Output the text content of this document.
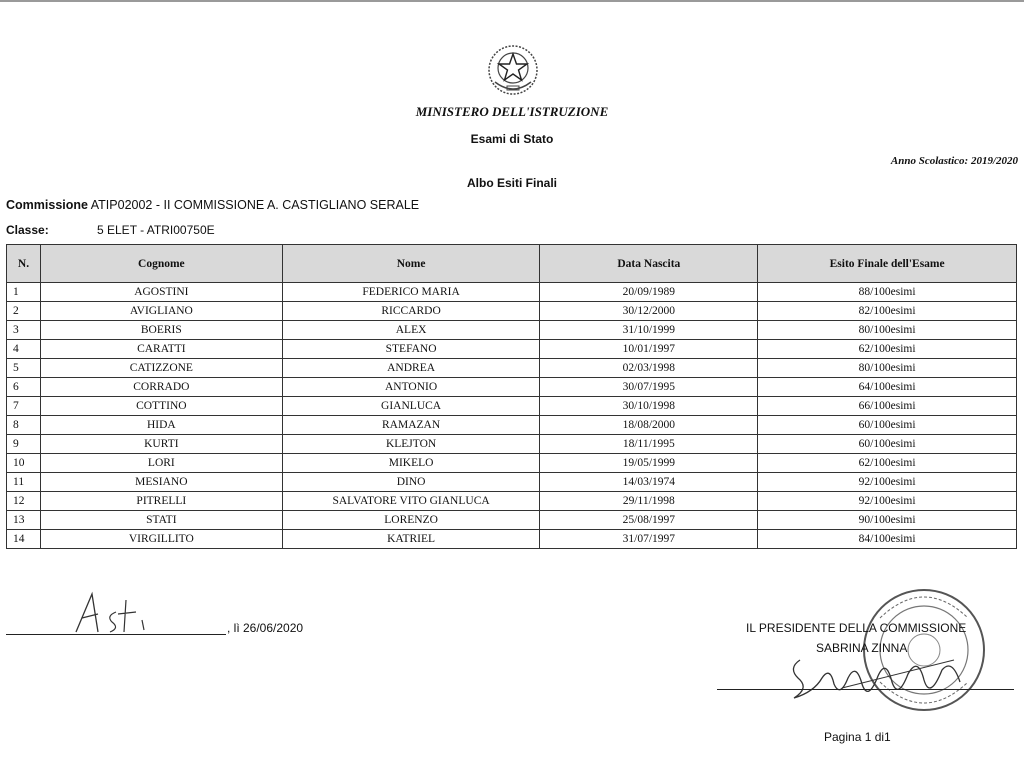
MINISTERO DELL'ISTRUZIONE
Esami di Stato
Anno Scolastico: 2019/2020
Albo Esiti Finali
Commissione ATIP02002 - II COMMISSIONE A. CASTIGLIANO SERALE
Classe:	5 ELET - ATRI00750E
N.	Cognome	Nome	Data Nascita	Esito Finale dell'Esame
1	AGOSTINI	FEDERICO MARIA	20/09/1989	88/100esimi
2	AVIGLIANO	RICCARDO	30/12/2000	82/100esimi
3	BOERIS	ALEX	31/10/1999	80/100esimi
4	CARATTI	STEFANO	10/01/1997	62/100esimi
5	CATIZZONE	ANDREA	02/03/1998	80/100esimi
6	CORRADO	ANTONIO	30/07/1995	64/100esimi
7	COTTINO	GIANLUCA	30/10/1998	66/100esimi
8	HIDA	RAMAZAN	18/08/2000	60/100esimi
9	KURTI	KLEJTON	18/11/1995	60/100esimi
10	LORI	MIKELO	19/05/1999	62/100esimi
11	MESIANO	DINO	14/03/1974	92/100esimi
12	PITRELLI	SALVATORE VITO GIANLUCA	29/11/1998	92/100esimi
13	STATI	LORENZO	25/08/1997	90/100esimi
14	VIRGILLITO	KATRIEL	31/07/1997	84/100esimi
, lì 26/06/2020	IL PRESIDENTE DELLA COMMISSIONE
SABRINA ZINNA
Pagina 1 di1
